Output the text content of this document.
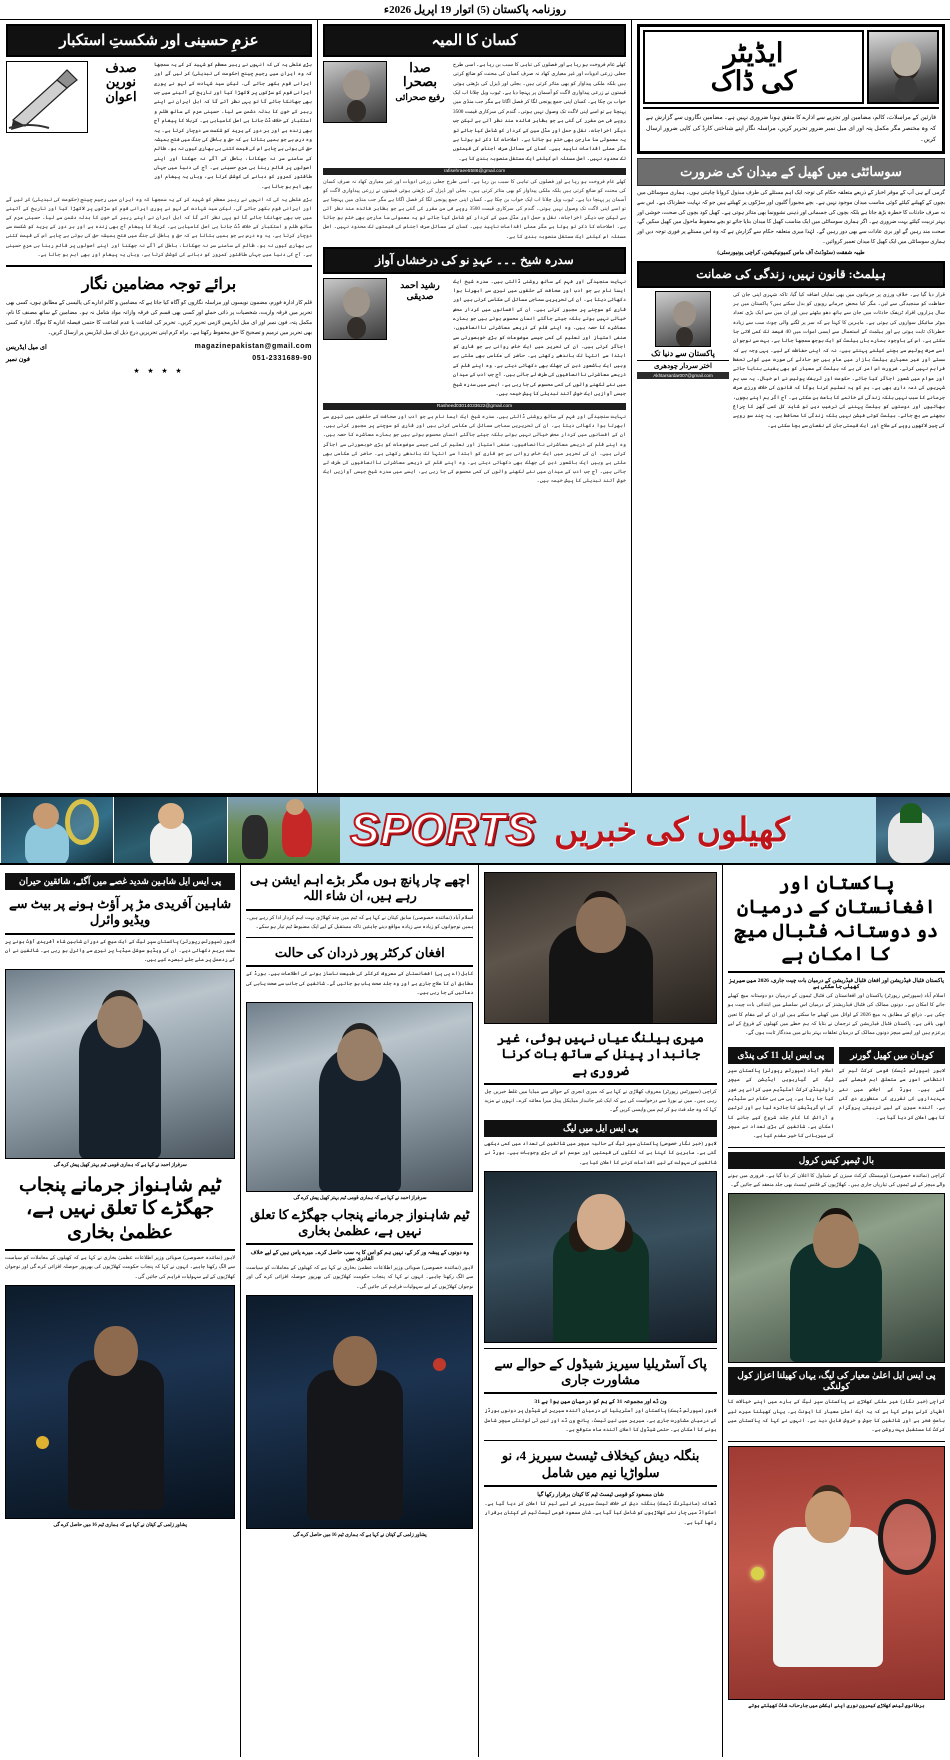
روزنامہ پاکستان (5) اتوار 19 اپریل 2026ء
ایڈیٹر
کی ڈاک
قارئین کے مراسلات، کالم، مضامین اور تجزیے سے ادارے کا متفق ہونا ضروری نہیں ہے۔ مضامین نگاروں سے گزارش ہے کہ وہ مختصر مگر مکمل پتہ اور ای میل نمبر ضرور تحریر کریں، مراسلہ نگار اپنے شناختی کارڈ کی کاپی ضرور ارسال کریں۔
سوسائٹی میں کھیل کے میدان کی ضرورت
گرمی آتے ہی آپ کے موقر اخبار کے ذریعے متعلقہ حکام کی توجہ ایک اہم مسئلے کی طرف مبذول کروانا چاہتی ہوں۔ ہماری سوسائٹی میں بچوں کے کھیلنے کیلئے کوئی مناسب میدان موجود نہیں ہے۔ بچے مجبوراً گلیوں اور سڑکوں پر کھیلتے ہیں جو کہ نہایت خطرناک ہے۔ اس سے نہ صرف حادثات کا خطرہ بڑھ جاتا ہے بلکہ بچوں کی جسمانی اور ذہنی نشوونما بھی متاثر ہوتی ہے۔ کھیل کود بچوں کی صحت، خوشی اور بہتر تربیت کیلئے بہت ضروری ہے۔ اگر ہماری سوسائٹی میں ایک مناسب کھیل کا میدان بنایا جائے تو بچے محفوظ ماحول میں کھیل سکیں گے، صحت مند رہیں گے اور بری عادات سے بھی دور رہیں گے۔ لہٰذا میری متعلقہ حکام سے گزارش ہے کہ وہ اس مسئلے پر فوری توجہ دیں اور ہماری سوسائٹی میں ایک کھیل کا میدان تعمیر کروائیں۔
طیبہ شفقت (سٹوڈنٹ آف ماس کمیونیکیشن، کراچی یونیورسٹی)
ہیلمٹ: قانون نہیں، زندگی کی ضمانت
قرار دیا گیا ہے۔ خلاف ورزی پر جرمانوں میں بھی نمایاں اضافہ کیا گیا، تاکہ شہری اپنی جان کی حفاظت کو سنجیدگی سے لیں۔ مگر کیا محض جرمانے رویوں کو بدل سکتے ہیں؟ پاکستان میں ہر سال ہزاروں افراد ٹریفک حادثات میں جان سے ہاتھ دھو بیٹھتے ہیں اور ان میں سے ایک بڑی تعداد موٹر سائیکل سواروں کی ہوتی ہے۔ ماہرین کا کہنا ہے کہ سر پر لگنے والی چوٹ سب سے زیادہ خطرناک ثابت ہوتی ہے اور ہیلمٹ کے استعمال سے ایسی اموات میں 40 فیصد تک کمی لائی جا سکتی ہے۔ اس کے باوجود ہمارے ہاں ہیلمٹ کو ایک بوجھ سمجھا جاتا ہے۔ بہت سے نوجوان اسے صرف پولیس سے بچنے کیلئے پہنتے ہیں، نہ کہ اپنی حفاظت کے لیے۔ یہی وجہ ہے کہ سستے اور غیر معیاری ہیلمٹ بازار میں عام ہیں جو حادثے کی صورت میں کوئی تحفظ فراہم نہیں کرتے۔ ضرورت اس امر کی ہے کہ ہیلمٹ کے معیار کو بھی یقینی بنایا جائے اور عوام میں شعور اجاگر کیا جائے۔ حکومت اور ٹریفک پولیس نے اس خیال۔ یہ سب ہم شہریوں کی ذمہ داری بھی ہے۔ ہم کو یہ تسلیم کرنا ہوگا کہ قانون کی خلاف ورزی صرف جرمانے کا سبب نہیں بلکہ زندگی کے خاتمے کا باعث بن سکتی ہے۔ آج اگر ہم اپنے بچوں، بھائیوں اور دوستوں کو ہیلمٹ پہننے کی ترغیب دیں تو شاید کل کسی گھر کا چراغ بجھنے سے بچ جائے۔ ہیلمٹ کوئی فیشن نہیں بلکہ زندگی کا محافظ ہے۔ یہ چند سو روپے کی چیز لاکھوں روپے کے علاج اور ایک قیمتی جان کے نقصان سے بچا سکتی ہے۔
پاکستان سے دنیا تک
اختر سردار چودھری
Akhtarsardar007@gmail.com
کسان کا المیہ
کھلے عام فروخت ہو رہا ہے اور فصلوں کی تباہی کا سبب بن رہا ہے۔ اسی طرح جعلی زرعی ادویات اور غیر معیاری کھاد نہ صرف کسان کی محنت کو ضائع کرتی ہیں بلکہ ملکی پیداوار کو بھی متاثر کرتی ہیں۔ بجلی اور ڈیزل کی بڑھتی ہوئی قیمتوں نے زرعی پیداواری لاگت کو آسمان پر پہنچا دیا ہے۔ ٹیوب ویل چلانا اب ایک خواب بن چکا ہے۔ کسان اپنی جمع پونجی لگا کر فصل اگاتا ہے مگر جب منڈی میں پہنچتا ہے تو اسے اپنی لاگت تک وصول نہیں ہوتی۔ گندم کی سرکاری قیمت 3500 روپے فی من مقرر کی گئی ہے جو بظاہر فائدہ مند نظر آتی ہے لیکن جب دیگر اخراجات، نقل و حمل اور مڈل مین کے کردار کو شامل کیا جائے تو یہ معمولی سا مارجن بھی ختم ہو جاتا ہے۔ اصلاحات کا ذکر تو ہوتا ہے مگر عملی اقدامات ناپید ہیں۔ کسان کے مسائل صرف اجناس کی قیمتوں تک محدود نہیں۔ اصل مسئلہ اس کیلئے ایک مستقل منصوبہ بندی کا ہے۔
صدا بصحرا
رفیع صحرائی
rafisehraee5586@gmail.com
کھلے عام فروخت ہو رہا ہے اور فصلوں کی تباہی کا سبب بن رہا ہے۔ اسی طرح جعلی زرعی ادویات اور غیر معیاری کھاد نہ صرف کسان کی محنت کو ضائع کرتی ہیں بلکہ ملکی پیداوار کو بھی متاثر کرتی ہیں۔ بجلی اور ڈیزل کی بڑھتی ہوئی قیمتوں نے زرعی پیداواری لاگت کو آسمان پر پہنچا دیا ہے۔ ٹیوب ویل چلانا اب ایک خواب بن چکا ہے۔ کسان اپنی جمع پونجی لگا کر فصل اگاتا ہے مگر جب منڈی میں پہنچتا ہے تو اسے اپنی لاگت تک وصول نہیں ہوتی۔ گندم کی سرکاری قیمت 3500 روپے فی من مقرر کی گئی ہے جو بظاہر فائدہ مند نظر آتی ہے لیکن جب دیگر اخراجات، نقل و حمل اور مڈل مین کے کردار کو شامل کیا جائے تو یہ معمولی سا مارجن بھی ختم ہو جاتا ہے۔ اصلاحات کا ذکر تو ہوتا ہے مگر عملی اقدامات ناپید ہیں۔ کسان کے مسائل صرف اجناس کی قیمتوں تک محدود نہیں۔ اصل مسئلہ اس کیلئے ایک مستقل منصوبہ بندی کا ہے۔
سدرہ شیخ ۔۔۔ عہدِ نو کی درخشاں آواز
نہایت سنجیدگی اور فہم کے ساتھ روشنی ڈالتی ہیں۔ سدرہ شیخ ایک ایسا نام ہے جو ادب اور صحافت کے حلقوں میں تیزی سے ابھرتا ہوا دکھائی دیتا ہے۔ ان کی تحریریں سماجی مسائل کی عکاسی کرتی ہیں اور قاری کو سوچنے پر مجبور کرتی ہیں۔ ان کے افسانوں میں کردار محض خیالی نہیں ہوتے بلکہ جیتے جاگتے انسان محسوس ہوتے ہیں جو ہمارے معاشرے کا حصہ ہیں۔ وہ اپنے قلم کے ذریعے معاشرتی ناانصافیوں، صنفی امتیاز اور تعلیم کی کمی جیسے موضوعات کو بڑی خوبصورتی سے اجاگر کرتی ہیں۔ ان کی تحریر میں ایک خاص روانی ہے جو قاری کو ابتدا سے انتہا تک باندھے رکھتی ہے۔ حاضر کی عکاسی بھی ملتی ہے وہیں ایک باشعور ذہن کی جھلک بھی دکھائی دیتی ہے۔ وہ اپنے قلم کے ذریعے معاشرتی ناانصافیوں کی طرف لے جاتی ہیں۔ آج جب ادب کے میدان میں نئے لکھنے والوں کی کمی محسوس کی جا رہی ہے، ایسے میں سدرہ شیخ جیسی آوازیں ایک خوش آئند تبدیلی کا پیش خیمہ ہیں۔
رشید احمد صدیقی
Rasheed03014033622@gmail.com
نہایت سنجیدگی اور فہم کے ساتھ روشنی ڈالتی ہیں۔ سدرہ شیخ ایک ایسا نام ہے جو ادب اور صحافت کے حلقوں میں تیزی سے ابھرتا ہوا دکھائی دیتا ہے۔ ان کی تحریریں سماجی مسائل کی عکاسی کرتی ہیں اور قاری کو سوچنے پر مجبور کرتی ہیں۔ ان کے افسانوں میں کردار محض خیالی نہیں ہوتے بلکہ جیتے جاگتے انسان محسوس ہوتے ہیں جو ہمارے معاشرے کا حصہ ہیں۔ وہ اپنے قلم کے ذریعے معاشرتی ناانصافیوں، صنفی امتیاز اور تعلیم کی کمی جیسے موضوعات کو بڑی خوبصورتی سے اجاگر کرتی ہیں۔ ان کی تحریر میں ایک خاص روانی ہے جو قاری کو ابتدا سے انتہا تک باندھے رکھتی ہے۔ حاضر کی عکاسی بھی ملتی ہے وہیں ایک باشعور ذہن کی جھلک بھی دکھائی دیتی ہے۔ وہ اپنے قلم کے ذریعے معاشرتی ناانصافیوں کی طرف لے جاتی ہیں۔ آج جب ادب کے میدان میں نئے لکھنے والوں کی کمی محسوس کی جا رہی ہے، ایسے میں سدرہ شیخ جیسی آوازیں ایک خوش آئند تبدیلی کا پیش خیمہ ہیں۔
عزمِ حسینی اور شکستِ استکبار
بڑی غلطی یہ کی کہ انہوں نے رہبر معظم کو شہید کر کے یہ سمجھا کہ وہ ایران میں رجیم چینج (حکومت کی تبدیلی) کر لیں گے اور ایرانی قوم بکھر جائے گی۔ لیکن سید شہادت کے لہو نے پوری ایرانی قوم کو سڑکوں پر لاکھڑا کیا اور تاریخ کے آئینے میں جب بھی جھانکا جائے گا تو یہی نظر آئے گا کہ اہل ایران نے اپنے رہبر کے خون کا بدلہ دشمن سے لیا۔ حسینی عزم کے ساتھ ظلم و استکبار کے خلاف ڈٹ جانا ہی اصل کامیابی ہے۔ کربلا کا پیغام آج بھی زندہ ہے اور ہر دور کے یزید کو شکست سے دوچار کرتا ہے۔ یہ وہ درس ہے جو ہمیں بتاتا ہے کہ حق و باطل کی جنگ میں فتح ہمیشہ حق کی ہوتی ہے چاہے اس کی قیمت کتنی ہی بھاری کیوں نہ ہو۔ ظالم کے سامنے سر نہ جھکانا، باطل کے آگے نہ جھکنا اور اپنے اصولوں پر قائم رہنا ہی عزمِ حسینی ہے۔ آج کی دنیا میں جہاں طاقتور کمزور کو دبانے کی کوشش کرتا ہے، وہاں یہ پیغام اور بھی اہم ہو جاتا ہے۔
صدف نورین اعوان
بڑی غلطی یہ کی کہ انہوں نے رہبر معظم کو شہید کر کے یہ سمجھا کہ وہ ایران میں رجیم چینج (حکومت کی تبدیلی) کر لیں گے اور ایرانی قوم بکھر جائے گی۔ لیکن سید شہادت کے لہو نے پوری ایرانی قوم کو سڑکوں پر لاکھڑا کیا اور تاریخ کے آئینے میں جب بھی جھانکا جائے گا تو یہی نظر آئے گا کہ اہل ایران نے اپنے رہبر کے خون کا بدلہ دشمن سے لیا۔ حسینی عزم کے ساتھ ظلم و استکبار کے خلاف ڈٹ جانا ہی اصل کامیابی ہے۔ کربلا کا پیغام آج بھی زندہ ہے اور ہر دور کے یزید کو شکست سے دوچار کرتا ہے۔ یہ وہ درس ہے جو ہمیں بتاتا ہے کہ حق و باطل کی جنگ میں فتح ہمیشہ حق کی ہوتی ہے چاہے اس کی قیمت کتنی ہی بھاری کیوں نہ ہو۔ ظالم کے سامنے سر نہ جھکانا، باطل کے آگے نہ جھکنا اور اپنے اصولوں پر قائم رہنا ہی عزمِ حسینی ہے۔ آج کی دنیا میں جہاں طاقتور کمزور کو دبانے کی کوشش کرتا ہے، وہاں یہ پیغام اور بھی اہم ہو جاتا ہے۔
برائے توجہ مضامین نگار
قلم کار ادارہ فورم، مضمون نویسوں اور مراسلہ نگاروں کو آگاہ کیا جاتا ہے کہ مضامین و کالم ادارے کی پالیسی کے مطابق ہوں، کسی بھی تحریر میں فرقہ واریت، شخصیات پر ذاتی حملے اور کسی بھی قسم کی فرقہ وارانہ مواد شامل نہ ہو۔ مضامین کے ساتھ مصنف کا نام، مکمل پتہ، فون نمبر اور ای میل ایڈریس لازمی تحریر کریں۔ تحریر کی اشاعت یا عدم اشاعت کا حتمی فیصلہ ادارے کا ہوگا۔ ادارہ کسی بھی تحریر میں ترمیم و تصحیح کا حق محفوظ رکھتا ہے۔ براہ کرم اپنی تحریریں درج ذیل ای میل ایڈریس پر ارسال کریں۔
magazinepakistan@gmail.com
ای میل ایڈریس
051-2331689-90
فون نمبر
★ ★ ★ ★
کھیلوں کی خبریں
SPORTS
پاکستان اور افغانستان کے درمیان دو دوستانہ فٹبال میچ کا امکان ہے
پاکستان فٹبال فیڈریشن اور افغان فٹبال فیڈریشن کے درمیان بات چیت جاری، 2026 میں سیریز کھیلی جا سکتی ہے
اسلام آباد (سپورٹس رپورٹر) پاکستان اور افغانستان کی فٹبال ٹیموں کے درمیان دو دوستانہ میچ کھیلے جانے کا امکان ہے۔ دونوں ممالک کی فٹبال فیڈریشنز کے درمیان اس سلسلے میں ابتدائی بات چیت ہو چکی ہے۔ ذرائع کے مطابق یہ میچ 2026 کے اوائل میں کھیلے جا سکتے ہیں اور ان کے لیے مقام کا تعین ابھی باقی ہے۔ پاکستان فٹبال فیڈریشن کے ترجمان نے بتایا کہ ہم خطے میں کھیلوں کے فروغ کے لیے پرعزم ہیں اور ایسے میچز دونوں ممالک کے درمیان تعلقات بہتر بنانے میں مددگار ثابت ہوں گے۔
کوہان میں کھیل گورنر
لاہور (سپورٹس ڈیسک) قومی کرکٹ ٹیم کے انتظامی امور سے متعلق اہم فیصلے کیے گئے ہیں۔ بورڈ کے اجلاس میں نئے عہدیداروں کی تقرری کی منظوری دی گئی ہے۔ آئندہ سیزن کے لیے تربیتی پروگرام کا بھی اعلان کر دیا گیا ہے۔
پی ایس ایل 11 کی پنڈی
اسلام آباد (سپورٹس رپورٹر) پاکستان سپر لیگ کے گیارہویں ایڈیشن کے میچز راولپنڈی کرکٹ اسٹیڈیم میں کرانے پر غور کیا جا رہا ہے۔ پی سی بی حکام نے سٹیڈیم کی اپ گریڈیشن کا جائزہ لیا ہے اور تزئین و آرائش کا کام جلد شروع کیے جانے کا امکان ہے۔ شائقین کی بڑی تعداد نے میچز کی میزبانی کا خیر مقدم کیا ہے۔
بال ٹیمپر کیس کرول
کراچی (نمائندہ خصوصی) ڈومیسٹک کرکٹ سیزن کے شیڈول کا اعلان کر دیا گیا ہے۔ فروری میں ہونے والے میچز کے لیے ٹیموں کی تیاریاں جاری ہیں۔ کھلاڑیوں کے فٹنس ٹیسٹ بھی جلد منعقد کیے جائیں گے۔
پی ایس ایل اعلیٰ معیار کی لیگ، یہاں کھیلنا اعزاز کول کولنگی
کراچی (خبر نگار) غیر ملکی کھلاڑی نے پاکستان سپر لیگ کے بارے میں اپنے خیالات کا اظہار کرتے ہوئے کہا ہے کہ یہ ایک اعلیٰ معیار کا ایونٹ ہے۔ یہاں کھیلنا میرے لیے باعثِ فخر ہے اور شائقین کا جوش و خروش قابلِ دید ہے۔ انہوں نے کہا کہ پاکستان میں کرکٹ کا مستقبل بہت روشن ہے۔
برطانوی ٹینس کھلاڑی کیمرون نوری اپنے ایکشن میں جارحانہ شاٹ کھیلتے ہوئے
میری ہیلنگ عیاں نہیں ہوئی، غیر جانبدار پینل کے ساتھ بات کرنا ضروری ہے
کراچی (سپورٹس رپورٹر) معروف کھلاڑی نے کہا ہے کہ میری انجری کے حوالے سے میڈیا میں غلط خبریں چل رہی ہیں۔ میں نے بورڈ سے درخواست کی ہے کہ ایک غیر جانبدار میڈیکل پینل میرا معائنہ کرے۔ انہوں نے مزید کہا کہ وہ جلد فٹ ہو کر ٹیم میں واپسی کریں گے۔
پی ایس ایل میں لیگ
لاہور (خبر نگار خصوصی) پاکستان سپر لیگ کے حالیہ میچز میں شائقین کی تعداد میں کمی دیکھی گئی ہے۔ ماہرین کا کہنا ہے کہ ٹکٹوں کی قیمتیں اور موسم اس کی بڑی وجوہات ہیں۔ بورڈ نے شائقین کی سہولت کے لیے اقدامات کرنے کا اعلان کیا ہے۔
پاک آسٹریلیا سیریز شیڈول کے حوالے سے مشاورت جاری
ون ڈے اور مجموعہ 31 کے ہم کو درمیان میں ہوا ہے 31
لاہور (سپورٹس ڈیسک) پاکستان اور آسٹریلیا کے درمیان آئندہ سیریز کے شیڈول پر دونوں بورڈز کے درمیان مشاورت جاری ہے۔ سیریز میں تین ٹیسٹ، پانچ ون ڈے اور تین ٹی ٹوئنٹی میچز شامل ہونے کا امکان ہے۔ حتمی شیڈول کا اعلان آئندہ ماہ متوقع ہے۔
بنگلہ دیش کیخلاف ٹیسٹ سیریز 4، نو سلواڑیا نیم میں شامل
شان مسعود کو قومی ٹیسٹ ٹیم کا کپتان برقرار رکھا گیا
ڈھاکہ (مانیٹرنگ ڈیسک) بنگلہ دیش کے خلاف ٹیسٹ سیریز کے لیے ٹیم کا اعلان کر دیا گیا ہے۔ اسکواڈ میں چار نئے کھلاڑیوں کو شامل کیا گیا ہے۔ شان مسعود قومی ٹیسٹ ٹیم کے کپتان برقرار رکھا گیا ہے۔
اچھے چار پانچ ہوں مگر بڑے اہم ایشن ہی رہے ہیں، ان شاء اللہ
اسلام آباد (نمائندہ خصوصی) سابق کپتان نے کہا ہے کہ ٹیم میں چند کھلاڑی بہت اہم کردار ادا کر رہے ہیں۔ ہمیں نوجوانوں کو زیادہ سے زیادہ مواقع دینے چاہئیں تاکہ مستقبل کے لیے ایک مضبوط ٹیم تیار ہو سکے۔
افغان کرکٹر پور ذردان کی حالت
کابل (اے پی پی) افغانستان کے معروف کرکٹر کی طبیعت ناساز ہونے کی اطلاعات ہیں۔ بورڈ کے مطابق ان کا علاج جاری ہے اور وہ جلد صحت یاب ہو جائیں گے۔ شائقین کی جانب سے صحت یابی کی دعائیں کی جا رہی ہیں۔
سرفراز احمد نے کہا ہے کہ ہماری قومی ٹیم بہتر کھیل پیش کرے گی
ٹیم شاہنواز جرمانے پنجاب جھگڑے کا تعلق نہیں ہے، عظمیٰ بخاری
وہ دونوں کے پیشہ ور کر کے، نہیں ہم کو اس کا یہ سب حاصل کرے۔ میرے پاس ہیں کے لیے خلاف القادری میں
لاہور (نمائندہ خصوصی) صوبائی وزیر اطلاعات عظمیٰ بخاری نے کہا ہے کہ کھیلوں کے معاملات کو سیاست سے الگ رکھنا چاہیے۔ انہوں نے کہا کہ پنجاب حکومت کھلاڑیوں کی بھرپور حوصلہ افزائی کرے گی اور نوجوان کھلاڑیوں کے لیے سہولیات فراہم کی جائیں گی۔
پشاور زلمی کے کپتان نے کہا ہے کہ ہماری ٹیم 16 میں حاصل کرے گی
پی ایس ایل شاہین شدید غصے میں آگئے، شائقین حیران
شاہین آفریدی مڑ پر آؤٹ ہونے پر بیٹ سے ویڈیو وائرل
لاہور (سپورٹس رپورٹر) پاکستان سپر لیگ کے ایک میچ کے دوران شاہین شاہ آفریدی آؤٹ ہونے پر سخت برہم دکھائی دیے۔ ان کی ویڈیو سوشل میڈیا پر تیزی سے وائرل ہو رہی ہے۔ شائقین نے ان کے ردعمل پر ملے جلے تبصرے کیے ہیں۔
سرفراز احمد نے کہا ہے کہ ہماری قومی ٹیم بہتر کھیل پیش کرے گی
ٹیم شاہنواز جرمانے پنجاب جھگڑے کا تعلق نہیں ہے، عظمیٰ بخاری
لاہور (نمائندہ خصوصی) صوبائی وزیر اطلاعات عظمیٰ بخاری نے کہا ہے کہ کھیلوں کے معاملات کو سیاست سے الگ رکھنا چاہیے۔ انہوں نے کہا کہ پنجاب حکومت کھلاڑیوں کی بھرپور حوصلہ افزائی کرے گی اور نوجوان کھلاڑیوں کے لیے سہولیات فراہم کی جائیں گی۔
پشاور زلمی کے کپتان نے کہا ہے کہ ہماری ٹیم 16 میں حاصل کرے گی
